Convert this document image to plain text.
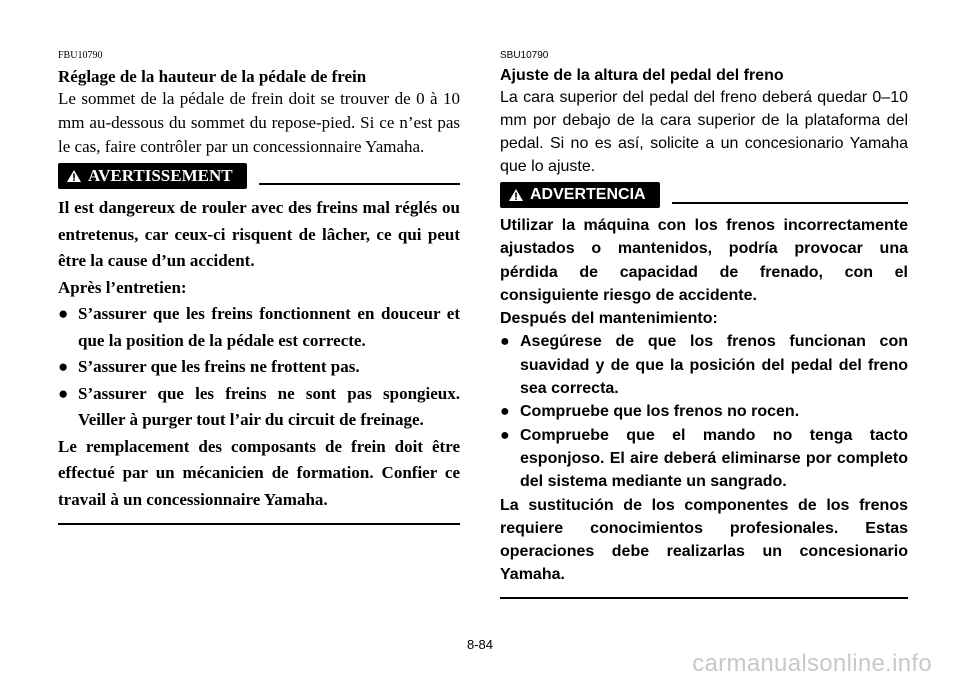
FBU10790

Réglage de la hauteur de la pédale de frein

Le sommet de la pédale de frein doit se trouver de 0 à 10 mm au-dessous du sommet du repose-pied. Si ce n’est pas le cas, faire contrôler par un concessionnaire Yamaha.

AVERTISSEMENT

Il est dangereux de rouler avec des freins mal réglés ou entretenus, car ceux-ci risquent de lâcher, ce qui peut être la cause d’un accident.

Après l’entretien:

● S’assurer que les freins fonctionnent en douceur et que la position de la pédale est correcte.
● S’assurer que les freins ne frottent pas.
● S’assurer que les freins ne sont pas spongieux. Veiller à purger tout l’air du circuit de freinage.

Le remplacement des composants de frein doit être effectué par un mécanicien de formation. Confier ce travail à un concessionnaire Yamaha.

SBU10790

Ajuste de la altura del pedal del freno

La cara superior del pedal del freno deberá quedar 0–10 mm por debajo de la cara superior de la plataforma del pedal. Si no es así, solicite a un concesionario Yamaha que lo ajuste.

ADVERTENCIA

Utilizar la máquina con los frenos incorrectamente ajustados o mantenidos, podría provocar una pérdida de capacidad de frenado, con el consiguiente riesgo de accidente.

Después del mantenimiento:

● Asegúrese de que los frenos funcionan con suavidad y de que la posición del pedal del freno sea correcta.
● Compruebe que los frenos no rocen.
● Compruebe que el mando no tenga tacto esponjoso. El aire deberá eliminarse por completo del sistema mediante un sangrado.

La sustitución de los componentes de los frenos requiere conocimientos profesionales. Estas operaciones debe realizarlas un concesionario Yamaha.

8-84
carmanualsonline.info
